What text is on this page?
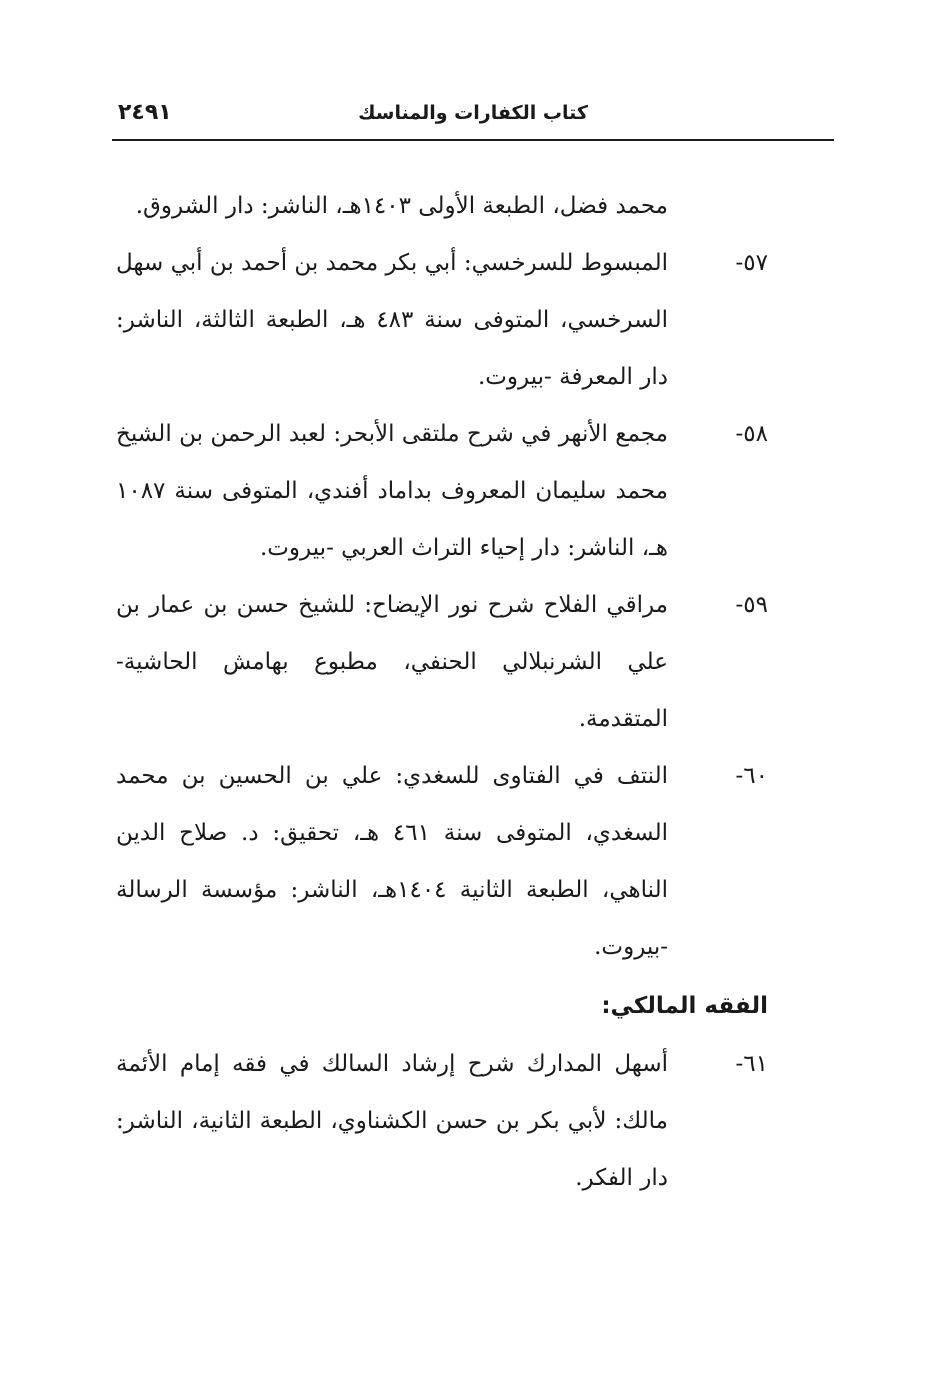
٢٤٩١	كتاب الكفارات والمناسك
محمد فضل، الطبعة الأولى ١٤٠٣هـ، الناشر: دار الشروق.
٥٧-
المبسوط للسرخسي: أبي بكر محمد بن أحمد بن أبي سهل السرخسي، المتوفى سنة ٤٨٣ هـ، الطبعة الثالثة، الناشر: دار المعرفة -بيروت.
٥٨-
مجمع الأنهر في شرح ملتقى الأبحر: لعبد الرحمن بن الشيخ محمد سليمان المعروف بداماد أفندي، المتوفى سنة ١٠٨٧ هـ، الناشر: دار إحياء التراث العربي -بيروت.
٥٩-
مراقي الفلاح شرح نور الإيضاح: للشيخ حسن بن عمار بن علي الشرنبلالي الحنفي، مطبوع بهامش الحاشية- المتقدمة.
٦٠-
النتف في الفتاوى للسغدي: علي بن الحسين بن محمد السغدي، المتوفى سنة ٤٦١ هـ، تحقيق: د. صلاح الدين الناهي، الطبعة الثانية ١٤٠٤هـ، الناشر: مؤسسة الرسالة -بيروت.
الفقه المالكي:
٦١-
أسهل المدارك شرح إرشاد السالك في فقه إمام الأئمة مالك: لأبي بكر بن حسن الكشناوي، الطبعة الثانية، الناشر: دار الفكر.
